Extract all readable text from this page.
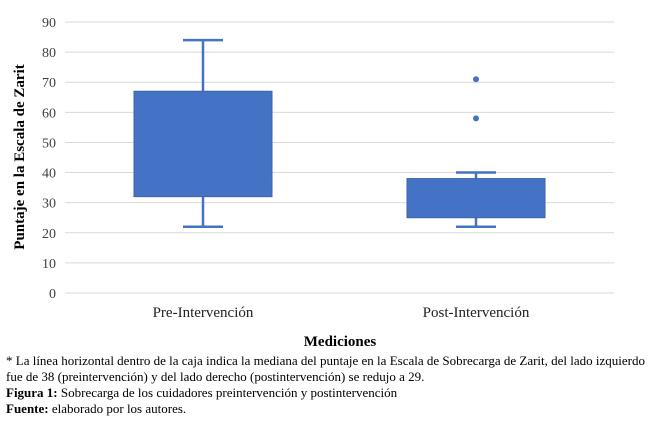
0
10
20
30
40
50
60
70
80
90
Pre-Intervención	Post-Intervención
Puntaje en la Escala de Zarit
Mediciones

* La línea horizontal dentro de la caja indica la mediana del puntaje en la Escala de Sobrecarga de Zarit, del lado izquierdo fue de 38 (preintervención) y del lado derecho (postintervención) se redujo a 29.

Figura 1: Sobrecarga de los cuidadores preintervención y postintervención

Fuente: elaborado por los autores.
